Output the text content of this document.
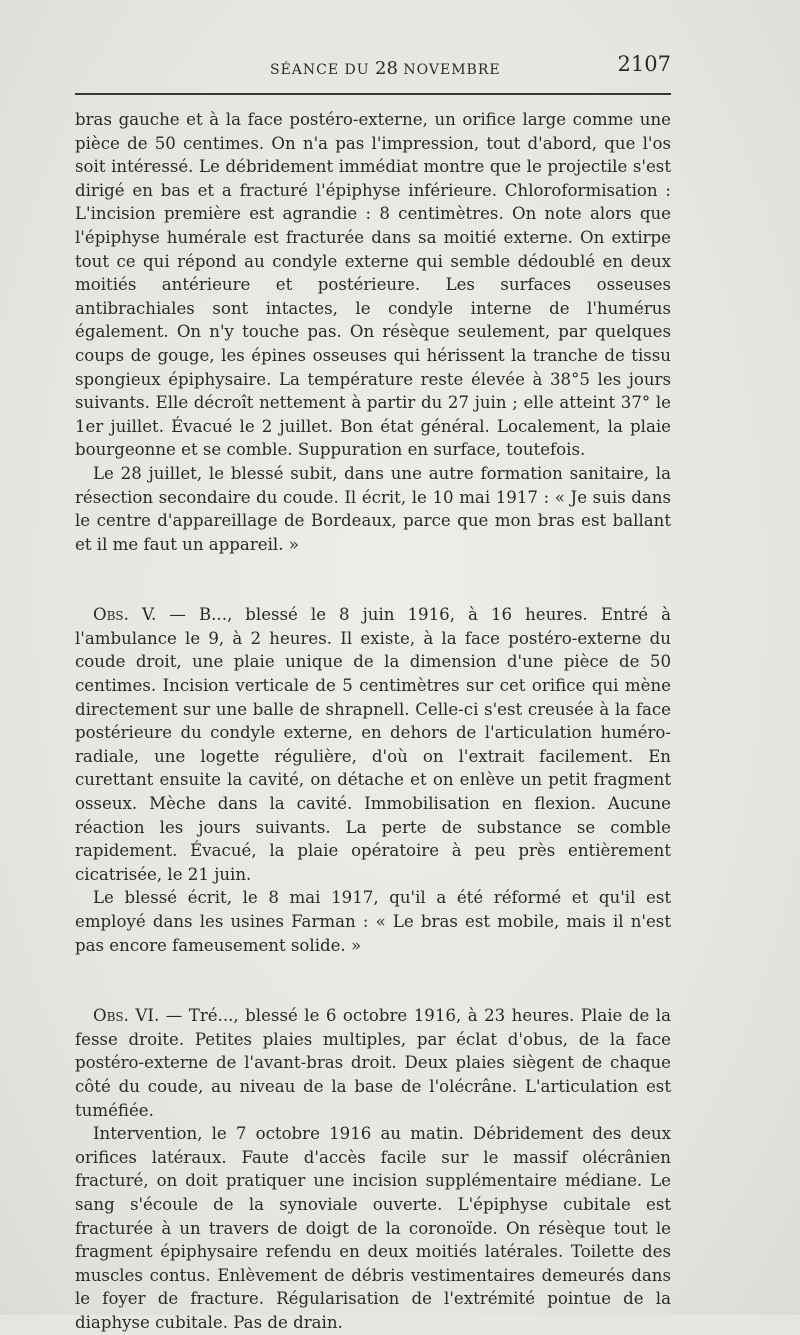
SÉANCE DU 28 NOVEMBRE	2107

bras gauche et à la face postéro-externe, un orifice large comme une pièce de 50 centimes. On n'a pas l'impression, tout d'abord, que l'os soit intéressé. Le débridement immédiat montre que le projectile s'est dirigé en bas et a fracturé l'épiphyse inférieure. Chloroformisation : L'incision première est agrandie : 8 centimètres. On note alors que l'épiphyse humérale est fracturée dans sa moitié externe. On extirpe tout ce qui répond au condyle externe qui semble dédoublé en deux moitiés antérieure et postérieure. Les surfaces osseuses antibrachiales sont intactes, le condyle interne de l'humérus également. On n'y touche pas. On résèque seulement, par quelques coups de gouge, les épines osseuses qui hérissent la tranche de tissu spongieux épiphysaire. La température reste élevée à 38°5 les jours suivants. Elle décroît nettement à partir du 27 juin ; elle atteint 37° le 1er juillet. Évacué le 2 juillet. Bon état général. Localement, la plaie bourgeonne et se comble. Suppuration en surface, toutefois.

Le 28 juillet, le blessé subit, dans une autre formation sanitaire, la résection secondaire du coude. Il écrit, le 10 mai 1917 : « Je suis dans le centre d'appareillage de Bordeaux, parce que mon bras est ballant et il me faut un appareil. »

Obs. V. — B..., blessé le 8 juin 1916, à 16 heures. Entré à l'ambulance le 9, à 2 heures. Il existe, à la face postéro-externe du coude droit, une plaie unique de la dimension d'une pièce de 50 centimes. Incision verticale de 5 centimètres sur cet orifice qui mène directement sur une balle de shrapnell. Celle-ci s'est creusée à la face postérieure du condyle externe, en dehors de l'articulation huméro-radiale, une logette régulière, d'où on l'extrait facilement. En curettant ensuite la cavité, on détache et on enlève un petit fragment osseux. Mèche dans la cavité. Immobilisation en flexion. Aucune réaction les jours suivants. La perte de substance se comble rapidement. Évacué, la plaie opératoire à peu près entièrement cicatrisée, le 21 juin.

Le blessé écrit, le 8 mai 1917, qu'il a été réformé et qu'il est employé dans les usines Farman : « Le bras est mobile, mais il n'est pas encore fameusement solide. »

Obs. VI. — Tré..., blessé le 6 octobre 1916, à 23 heures. Plaie de la fesse droite. Petites plaies multiples, par éclat d'obus, de la face postéro-externe de l'avant-bras droit. Deux plaies siègent de chaque côté du coude, au niveau de la base de l'olécrâne. L'articulation est tuméfiée.

Intervention, le 7 octobre 1916 au matin. Débridement des deux orifices latéraux. Faute d'accès facile sur le massif olécrânien fracturé, on doit pratiquer une incision supplémentaire médiane. Le sang s'écoule de la synoviale ouverte. L'épiphyse cubitale est fracturée à un travers de doigt de la coronoïde. On résèque tout le fragment épiphysaire refendu en deux moitiés latérales. Toilette des muscles contus. Enlèvement de débris vestimentaires demeurés dans le foyer de fracture. Régularisation de l'extrémité pointue de la diaphyse cubitale. Pas de drain.
